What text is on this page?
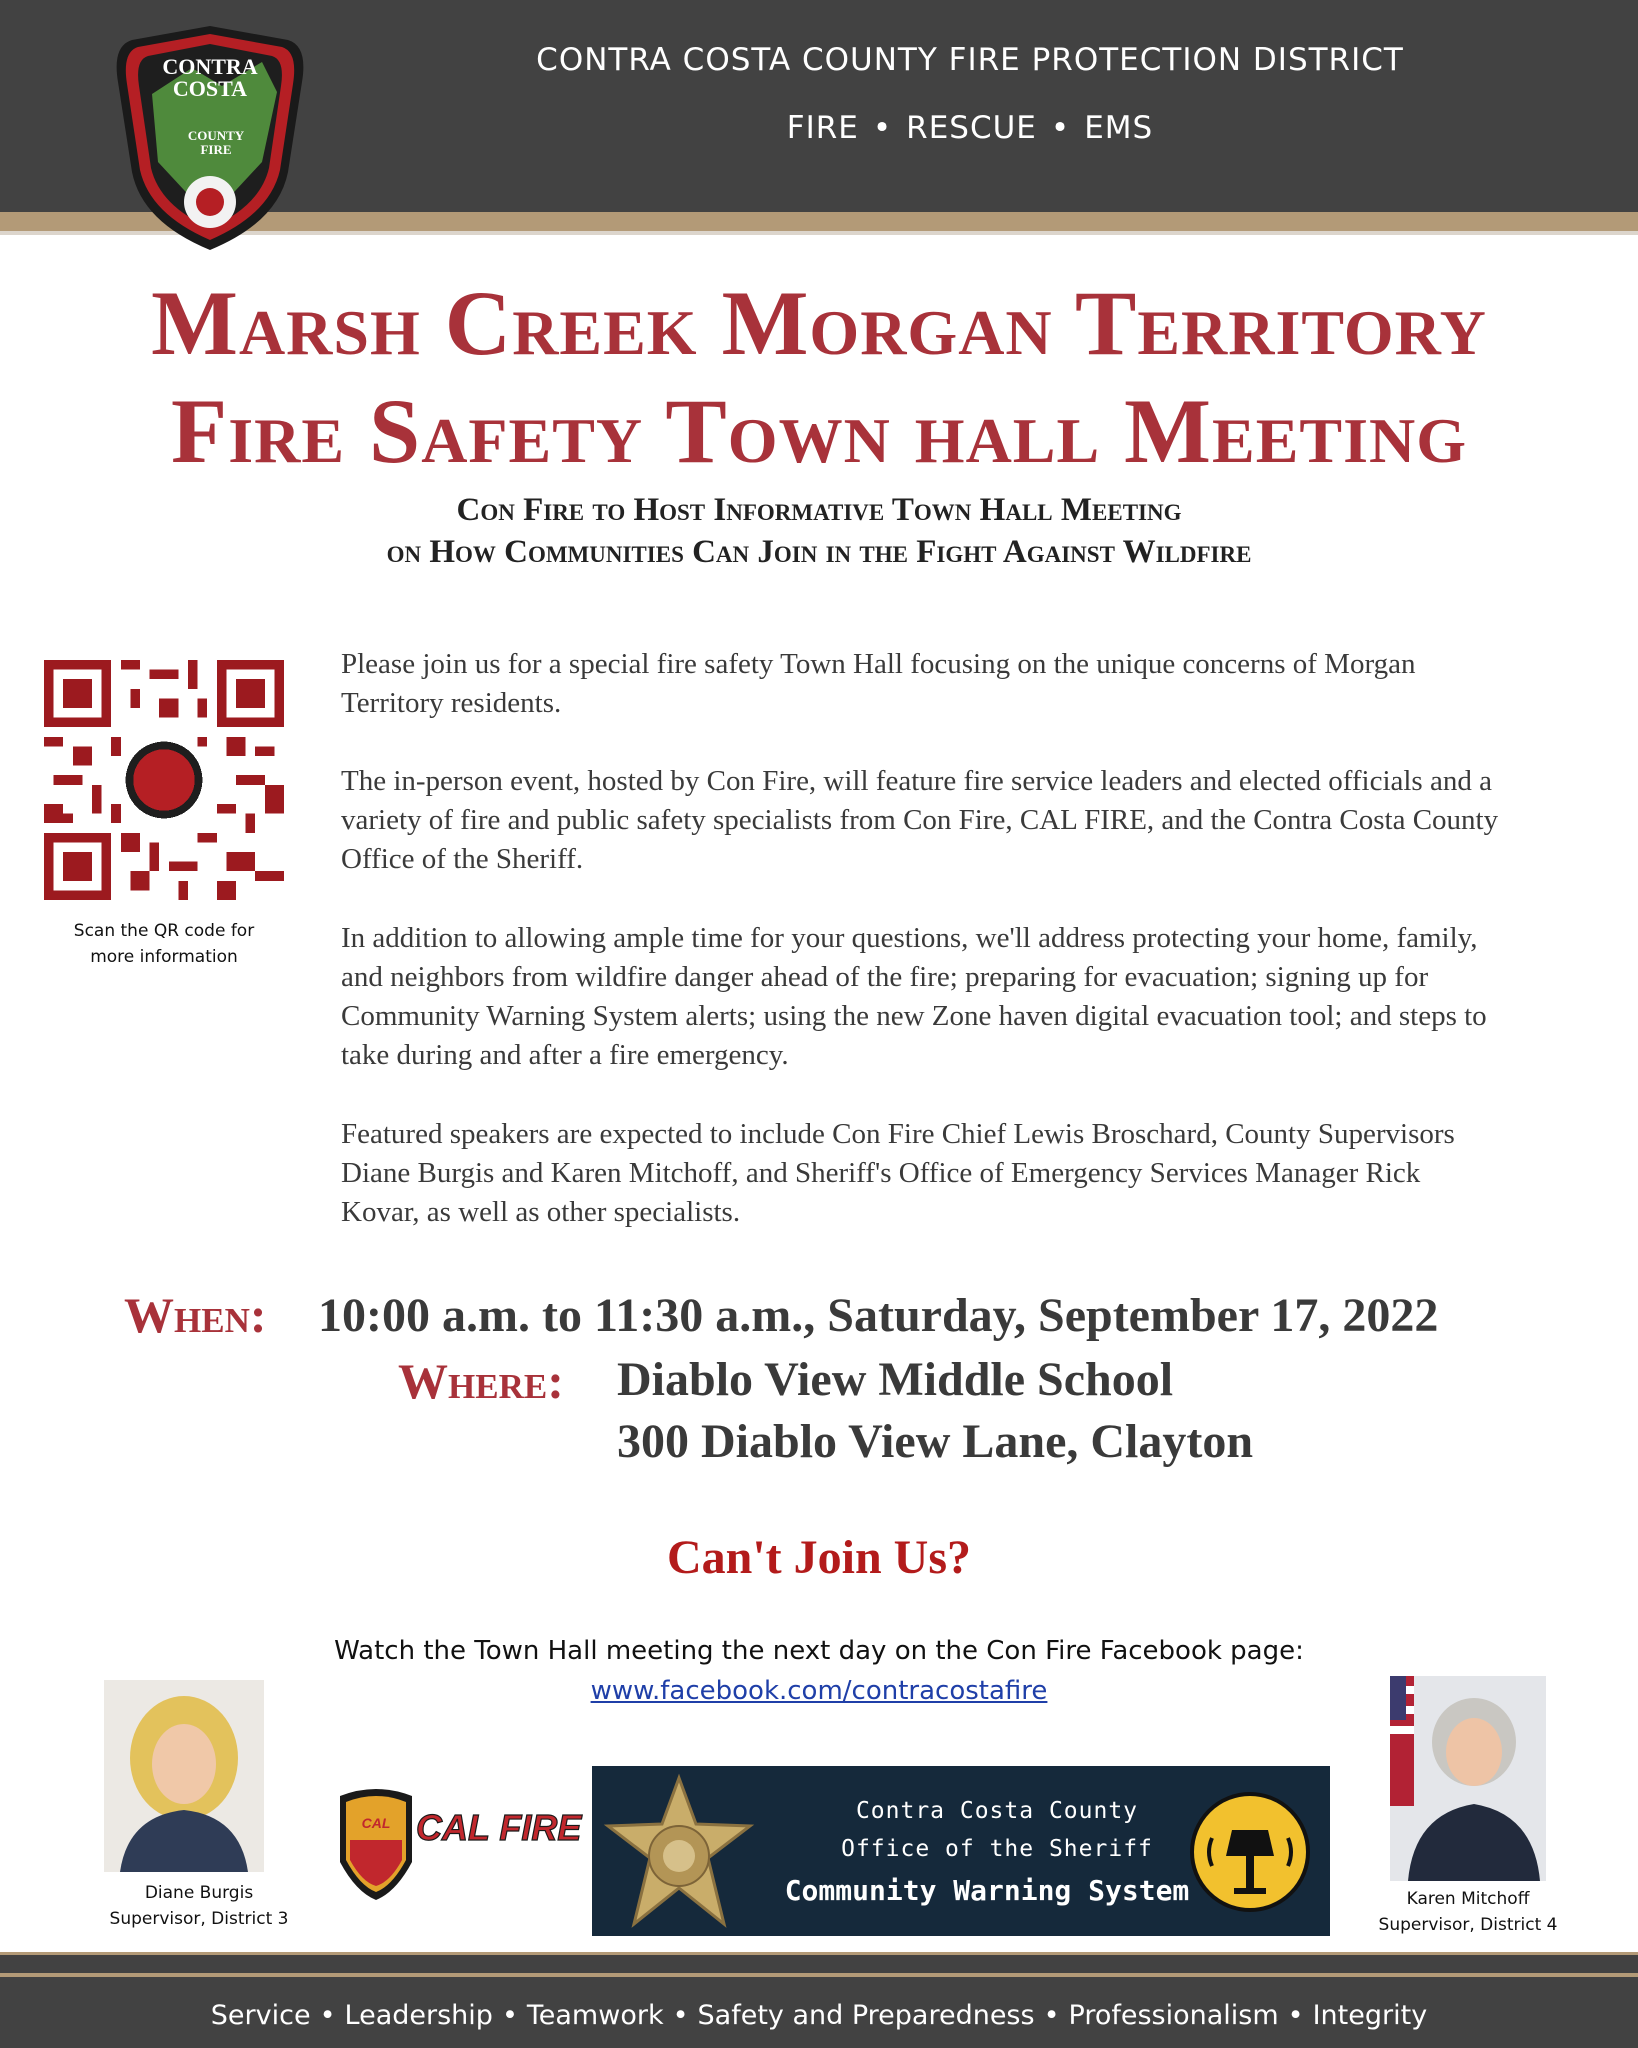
CONTRA
COSTA
COUNTY
FIRE
CONTRA COSTA COUNTY FIRE PROTECTION DISTRICT
FIRE • RESCUE • EMS
Marsh Creek Morgan Territory
Fire Safety Town hall Meeting
Con Fire to Host Informative Town Hall Meeting
on How Communities Can Join in the Fight Against Wildfire
Scan the QR code for
more information
Please join us for a special fire safety Town Hall focusing on the unique concerns of Morgan Territory residents.
The in-person event, hosted by Con Fire, will feature fire service leaders and elected officials and a variety of fire and public safety specialists from Con Fire, CAL FIRE, and the Contra Costa County Office of the Sheriff.
In addition to allowing ample time for your questions, we'll address protecting your home, family, and neighbors from wildfire danger ahead of the fire; preparing for evacuation; signing up for Community Warning System alerts; using the new Zone haven digital evacuation tool; and steps to take during and after a fire emergency.
Featured speakers are expected to include Con Fire Chief Lewis Broschard, County Supervisors Diane Burgis and Karen Mitchoff, and Sheriff's Office of Emergency Services Manager Rick Kovar, as well as other specialists.
When: 10:00 a.m. to 11:30 a.m., Saturday, September 17, 2022
Where: Diablo View Middle School
300 Diablo View Lane, Clayton
Can't Join Us?
Watch the Town Hall meeting the next day on the Con Fire Facebook page:
www.facebook.com/contracostafire
Diane Burgis
Supervisor, District 3
Karen Mitchoff
Supervisor, District 4
CAL CAL FIRE	Contra Costa County
Office of the Sheriff
Community Warning System
Service • Leadership • Teamwork • Safety and Preparedness • Professionalism • Integrity
